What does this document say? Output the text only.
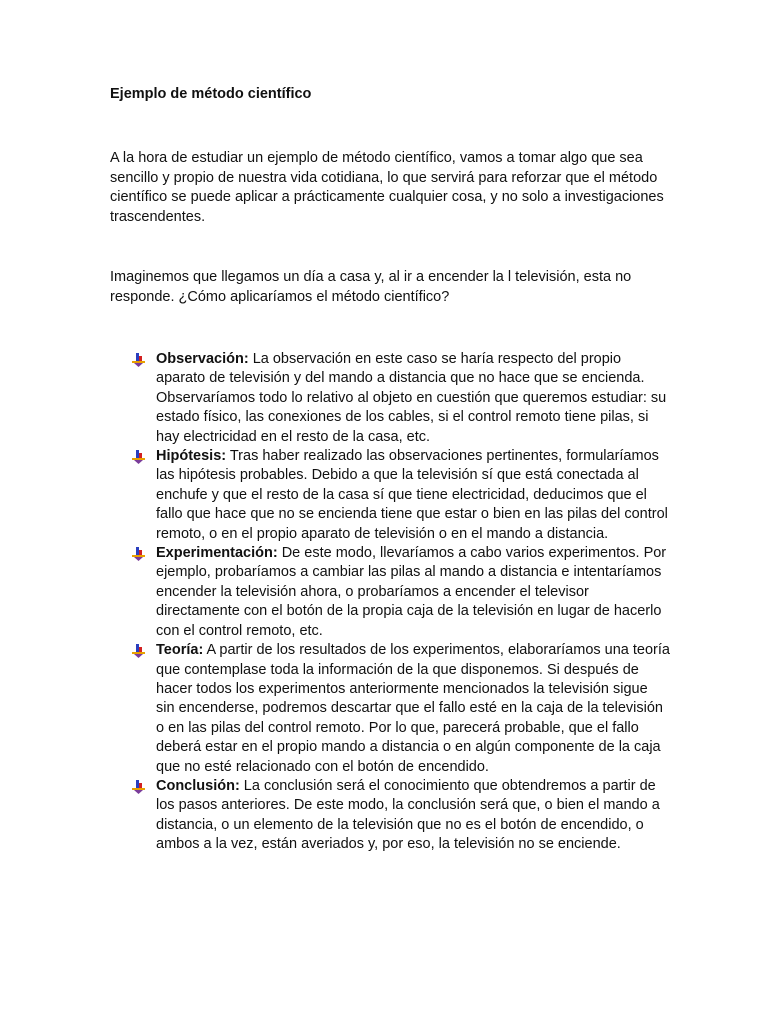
Ejemplo de método científico

A la hora de estudiar un ejemplo de método científico, vamos a tomar algo que sea sencillo y propio de nuestra vida cotidiana, lo que servirá para reforzar que el método científico se puede aplicar a prácticamente cualquier cosa, y no solo a investigaciones trascendentes.

Imaginemos que llegamos un día a casa y, al ir a encender la l televisión, esta no responde. ¿Cómo aplicaríamos el método científico?

Observación: La observación en este caso se haría respecto del propio aparato de televisión y del mando a distancia que no hace que se encienda. Observaríamos todo lo relativo al objeto en cuestión que queremos estudiar: su estado físico, las conexiones de los cables, si el control remoto tiene pilas, si hay electricidad en el resto de la casa, etc.
Hipótesis: Tras haber realizado las observaciones pertinentes, formularíamos las hipótesis probables. Debido a que la televisión sí que está conectada al enchufe y que el resto de la casa sí que tiene electricidad, deducimos que el fallo que hace que no se encienda tiene que estar o bien en las pilas del control remoto, o en el propio aparato de televisión o en el mando a distancia.
Experimentación: De este modo, llevaríamos a cabo varios experimentos. Por ejemplo, probaríamos a cambiar las pilas al mando a distancia e intentaríamos encender la televisión ahora, o probaríamos a encender el televisor directamente con el botón de la propia caja de la televisión en lugar de hacerlo con el control remoto, etc.
Teoría: A partir de los resultados de los experimentos, elaboraríamos una teoría que contemplase toda la información de la que disponemos. Si después de hacer todos los experimentos anteriormente mencionados la televisión sigue sin encenderse, podremos descartar que el fallo esté en la caja de la televisión o en las pilas del control remoto. Por lo que, parecerá probable, que el fallo deberá estar en el propio mando a distancia o en algún componente de la caja que no esté relacionado con el botón de encendido.
Conclusión: La conclusión será el conocimiento que obtendremos a partir de los pasos anteriores. De este modo, la conclusión será que, o bien el mando a distancia, o un elemento de la televisión que no es el botón de encendido, o ambos a la vez, están averiados y, por eso, la televisión no se enciende.
